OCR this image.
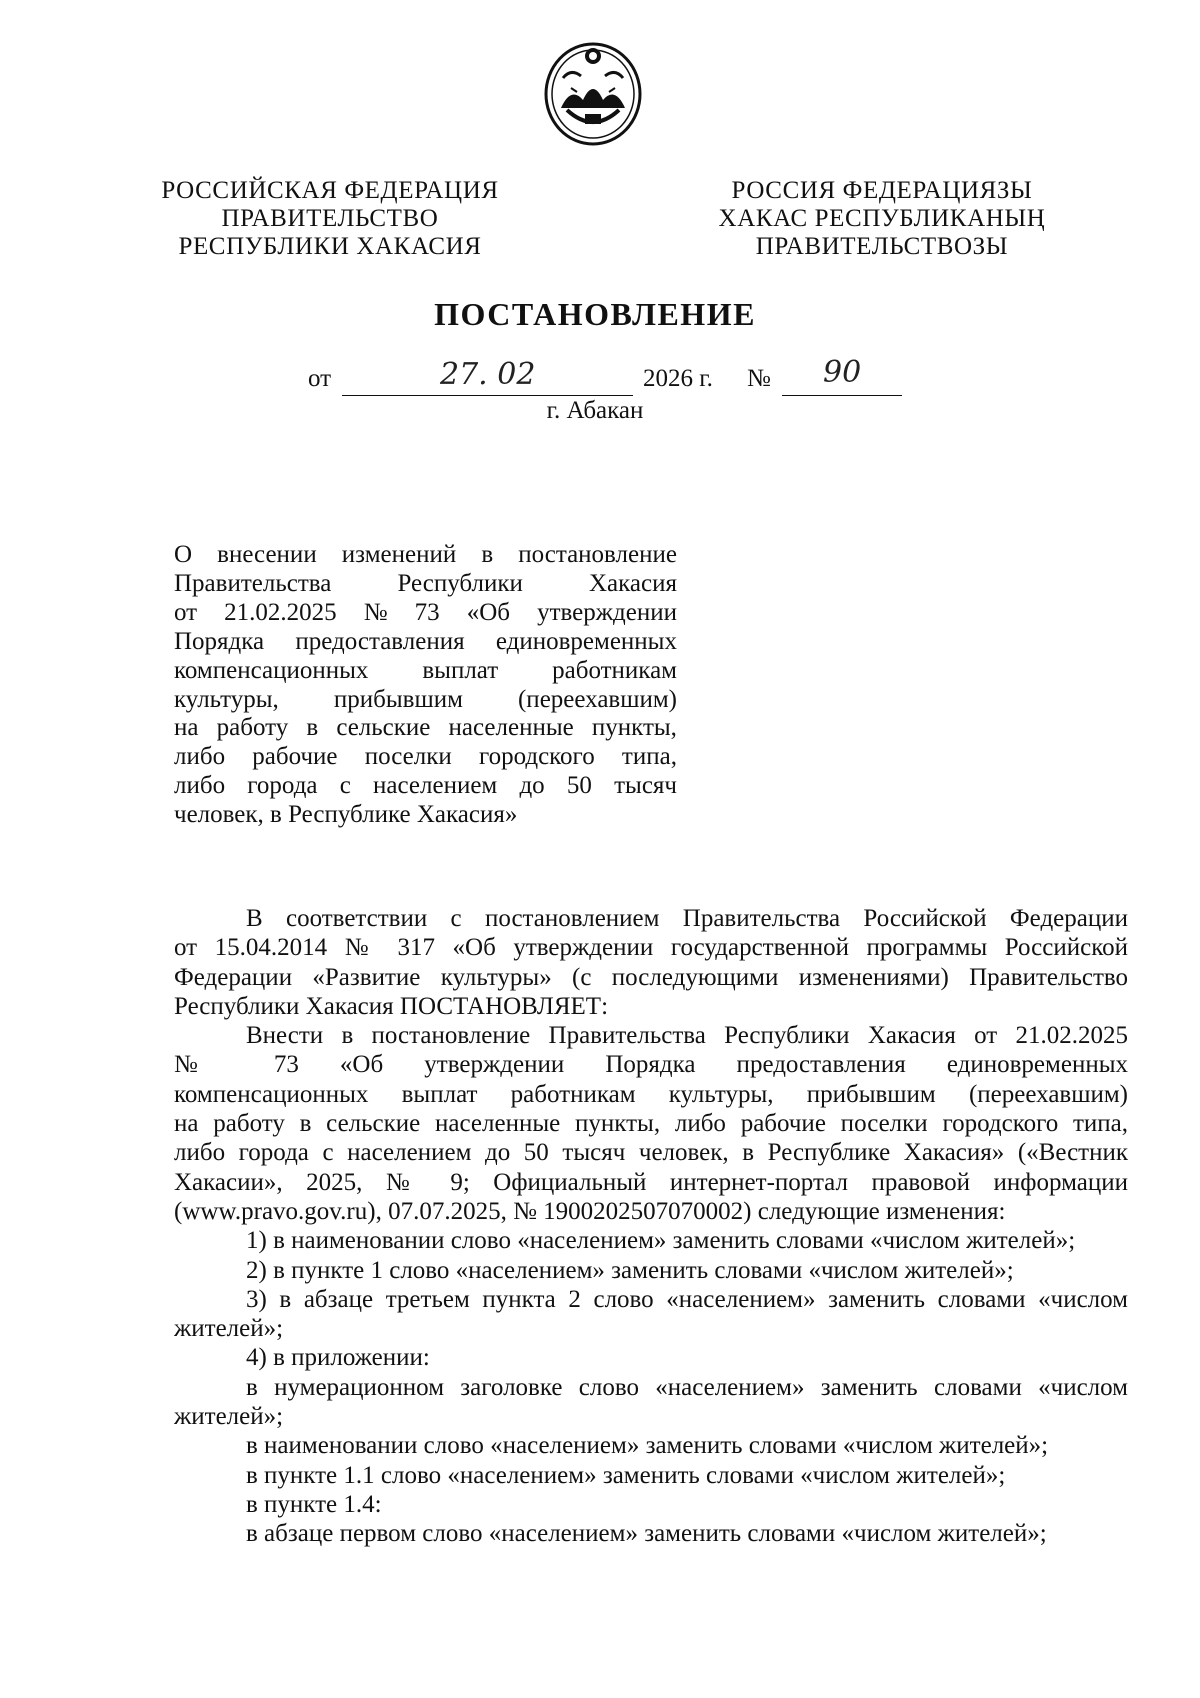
РОССИЙСКАЯ ФЕДЕРАЦИЯ
ПРАВИТЕЛЬСТВО
РЕСПУБЛИКИ ХАКАСИЯ
РОССИЯ ФЕДЕРАЦИЯЗЫ
ХАКАС РЕСПУБЛИКАНЫҢ
ПРАВИТЕЛЬСТВОЗЫ
ПОСТАНОВЛЕНИЕ
от	27. 02	2026 г. № 90
г. Абакан
О внесении изменений в постановление
Правительства	Республики	Хакасия
от 21.02.2025 № 73 «Об утверждении
Порядка предоставления единовременных
компенсационных выплат работникам
культуры, прибывшим (переехавшим)
на работу в сельские населенные пункты,
либо рабочие поселки городского типа,
либо города с населением до 50 тысяч
человек, в Республике Хакасия»
В соответствии с постановлением Правительства Российской Федерации
от 15.04.2014 № 317 «Об утверждении государственной программы Российской
Федерации «Развитие культуры» (с последующими изменениями) Правительство
Республики Хакасия ПОСТАНОВЛЯЕТ:
Внести в постановление Правительства Республики Хакасия от 21.02.2025
№ 73 «Об утверждении Порядка предоставления единовременных
компенсационных выплат работникам культуры, прибывшим (переехавшим)
на работу в сельские населенные пункты, либо рабочие поселки городского типа,
либо города с населением до 50 тысяч человек, в Республике Хакасия» («Вестник
Хакасии», 2025, № 9; Официальный интернет-портал правовой информации
(www.pravo.gov.ru), 07.07.2025, № 1900202507070002) следующие изменения:
1) в наименовании слово «населением» заменить словами «числом жителей»;
2) в пункте 1 слово «населением» заменить словами «числом жителей»;
3) в абзаце третьем пункта 2 слово «населением» заменить словами «числом
жителей»;
4) в приложении:
в нумерационном заголовке слово «населением» заменить словами «числом
жителей»;
в наименовании слово «населением» заменить словами «числом жителей»;
в пункте 1.1 слово «населением» заменить словами «числом жителей»;
в пункте 1.4:
в абзаце первом слово «населением» заменить словами «числом жителей»;
